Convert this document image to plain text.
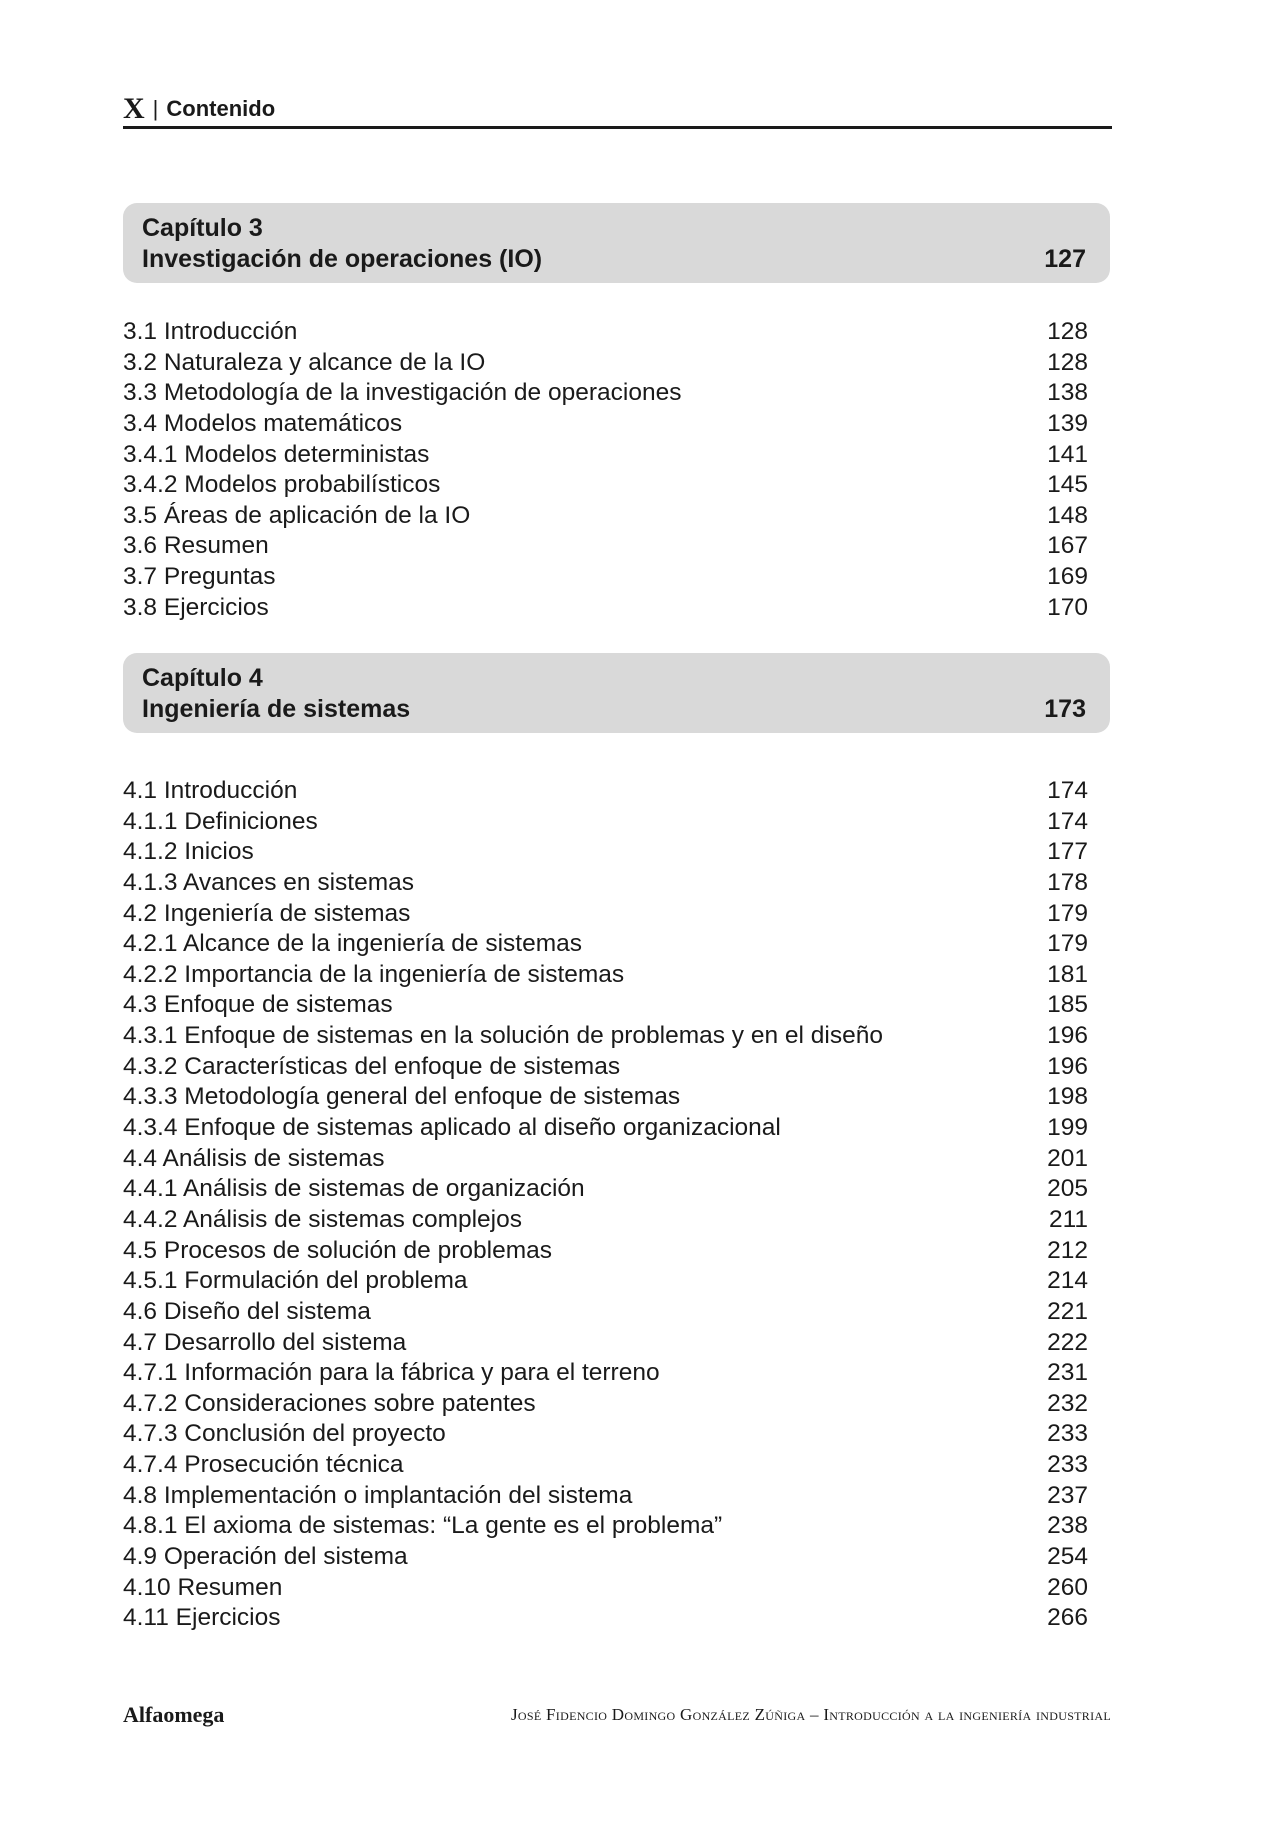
X | Contenido
Capítulo 3
Investigación de operaciones (IO)	127
3.1 Introducción	128
3.2 Naturaleza y alcance de la IO	128
3.3 Metodología de la investigación de operaciones	138
3.4 Modelos matemáticos	139
3.4.1 Modelos deterministas	141
3.4.2 Modelos probabilísticos	145
3.5 Áreas de aplicación de la IO	148
3.6 Resumen	167
3.7 Preguntas	169
3.8 Ejercicios	170
Capítulo 4
Ingeniería de sistemas	173
4.1 Introducción	174
4.1.1 Definiciones	174
4.1.2 Inicios	177
4.1.3 Avances en sistemas	178
4.2 Ingeniería de sistemas	179
4.2.1 Alcance de la ingeniería de sistemas	179
4.2.2 Importancia de la ingeniería de sistemas	181
4.3 Enfoque de sistemas	185
4.3.1 Enfoque de sistemas en la solución de problemas y en el diseño	196
4.3.2 Características del enfoque de sistemas	196
4.3.3 Metodología general del enfoque de sistemas	198
4.3.4 Enfoque de sistemas aplicado al diseño organizacional	199
4.4 Análisis de sistemas	201
4.4.1 Análisis de sistemas de organización	205
4.4.2 Análisis de sistemas complejos	211
4.5 Procesos de solución de problemas	212
4.5.1 Formulación del problema	214
4.6 Diseño del sistema	221
4.7 Desarrollo del sistema	222
4.7.1 Información para la fábrica y para el terreno	231
4.7.2 Consideraciones sobre patentes	232
4.7.3 Conclusión del proyecto	233
4.7.4 Prosecución técnica	233
4.8 Implementación o implantación del sistema	237
4.8.1 El axioma de sistemas: “La gente es el problema”	238
4.9 Operación del sistema	254
4.10 Resumen	260
4.11 Ejercicios	266
Alfaomega	José Fidencio Domingo González Zúñiga – Introducción a la ingeniería industrial
